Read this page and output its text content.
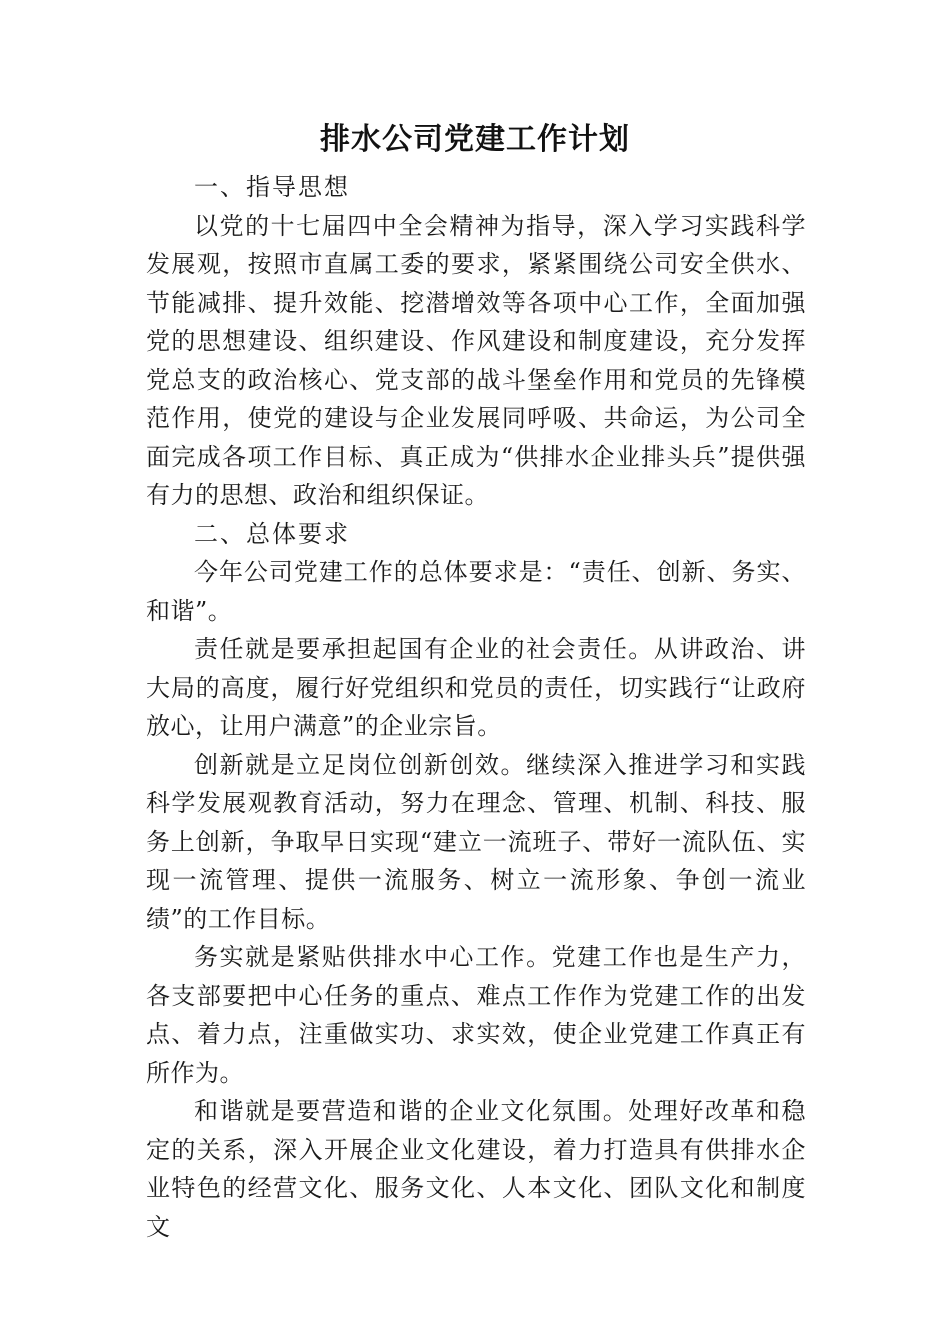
排水公司党建工作计划

一、指导思想

以党的十七届四中全会精神为指导，深入学习实践科学发展观，按照市直属工委的要求，紧紧围绕公司安全供水、节能减排、提升效能、挖潜增效等各项中心工作，全面加强党的思想建设、组织建设、作风建设和制度建设，充分发挥党总支的政治核心、党支部的战斗堡垒作用和党员的先锋模范作用，使党的建设与企业发展同呼吸、共命运，为公司全面完成各项工作目标、真正成为“供排水企业排头兵”提供强有力的思想、政治和组织保证。

二、总体要求

今年公司党建工作的总体要求是：“责任、创新、务实、和谐”。

责任就是要承担起国有企业的社会责任。从讲政治、讲大局的高度，履行好党组织和党员的责任，切实践行“让政府放心，让用户满意”的企业宗旨。

创新就是立足岗位创新创效。继续深入推进学习和实践科学发展观教育活动，努力在理念、管理、机制、科技、服务上创新，争取早日实现“建立一流班子、带好一流队伍、实现一流管理、提供一流服务、树立一流形象、争创一流业绩”的工作目标。

务实就是紧贴供排水中心工作。党建工作也是生产力，各支部要把中心任务的重点、难点工作作为党建工作的出发点、着力点，注重做实功、求实效，使企业党建工作真正有所作为。

和谐就是要营造和谐的企业文化氛围。处理好改革和稳定的关系，深入开展企业文化建设，着力打造具有供排水企业特色的经营文化、服务文化、人本文化、团队文化和制度文
